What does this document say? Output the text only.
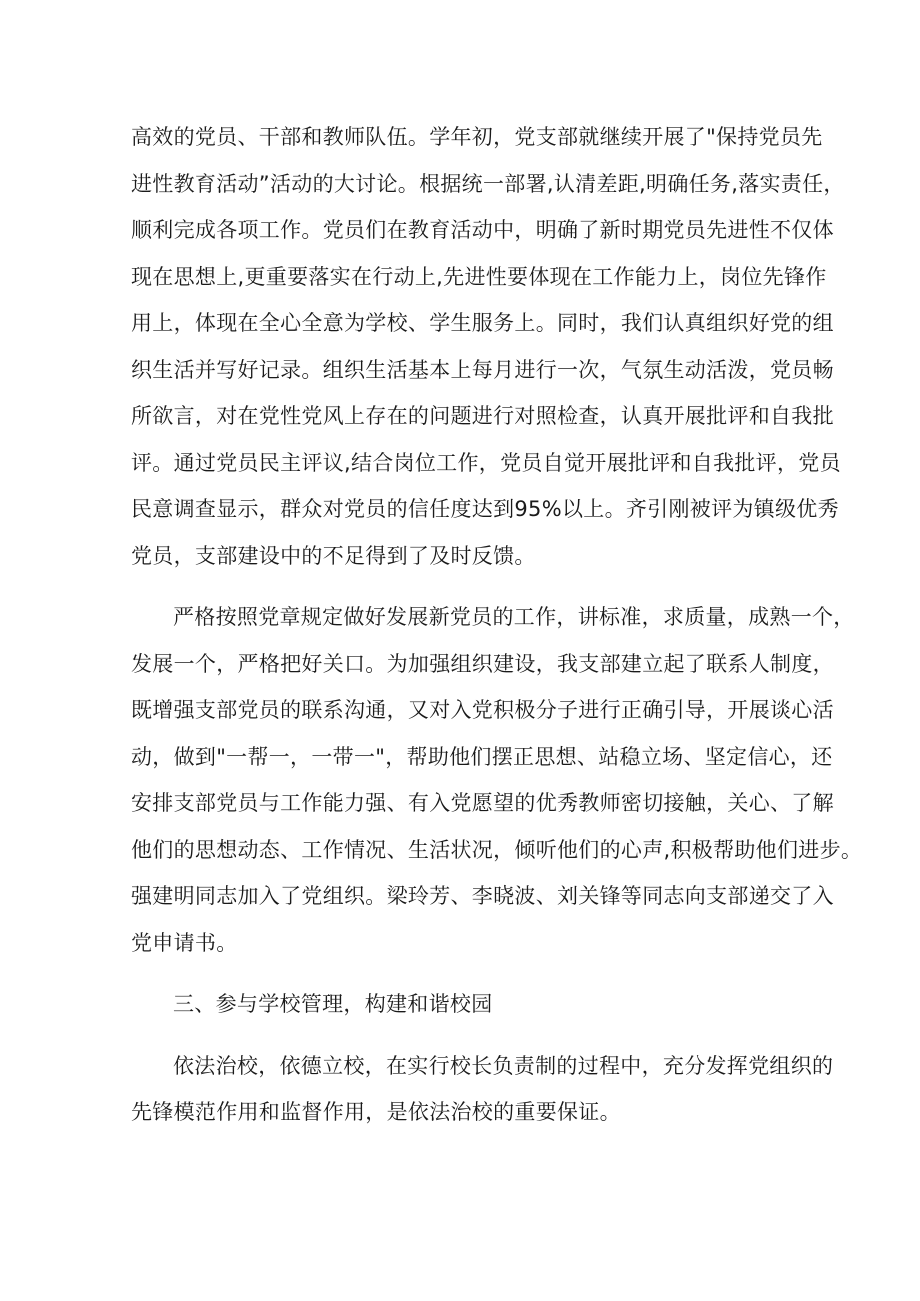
高效的党员、干部和教师队伍。学年初，党支部就继续开展了"保持党员先
进性教育活动”活动的大讨论。根据统一部署,认清差距,明确任务,落实责任，
顺利完成各项工作。党员们在教育活动中，明确了新时期党员先进性不仅体
现在思想上,更重要落实在行动上,先进性要体现在工作能力上，岗位先锋作
用上，体现在全心全意为学校、学生服务上。同时，我们认真组织好党的组
织生活并写好记录。组织生活基本上每月进行一次，气氛生动活泼，党员畅
所欲言，对在党性党风上存在的问题进行对照检查，认真开展批评和自我批
评。通过党员民主评议,结合岗位工作，党员自觉开展批评和自我批评，党员
民意调查显示，群众对党员的信任度达到95%以上。齐引刚被评为镇级优秀
党员，支部建设中的不足得到了及时反馈。
严格按照党章规定做好发展新党员的工作，讲标准，求质量，成熟一个，
发展一个，严格把好关口。为加强组织建设，我支部建立起了联系人制度，
既增强支部党员的联系沟通，又对入党积极分子进行正确引导，开展谈心活
动，做到"一帮一，一带一"，帮助他们摆正思想、站稳立场、坚定信心，还
安排支部党员与工作能力强、有入党愿望的优秀教师密切接触，关心、了解
他们的思想动态、工作情况、生活状况，倾听他们的心声,积极帮助他们进步。
强建明同志加入了党组织。梁玲芳、李晓波、刘关锋等同志向支部递交了入
党申请书。
三、参与学校管理，构建和谐校园
依法治校，依德立校，在实行校长负责制的过程中，充分发挥党组织的
先锋模范作用和监督作用，是依法治校的重要保证。
